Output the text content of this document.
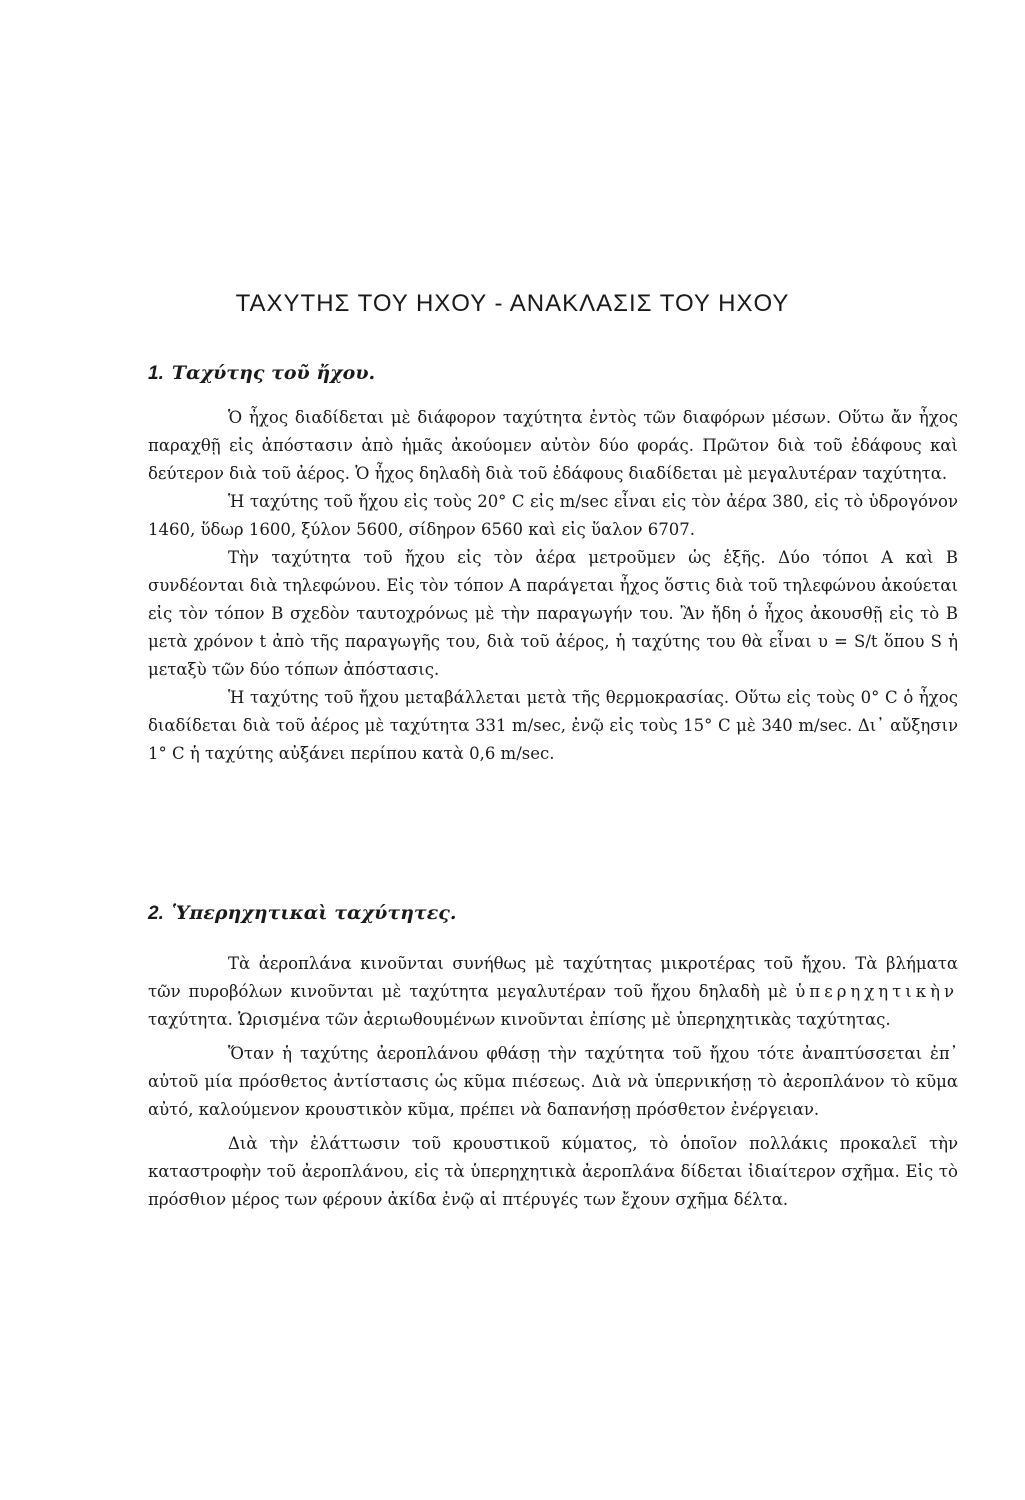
ΤΑΧΥΤΗΣ ΤΟΥ ΗΧΟΥ - ΑΝΑΚΛΑΣΙΣ ΤΟΥ ΗΧΟΥ
1. Ταχύτης τοῦ ἤχου.

Ὁ ἦχος διαδίδεται μὲ διάφορον ταχύτητα ἐντὸς τῶν διαφόρων μέσων. Οὕτω ἄν ἦχος παραχθῇ εἰς ἀπόστασιν ἀπὸ ἡμᾶς ἀκούομεν αὐτὸν δύο φοράς. Πρῶτον διὰ τοῦ ἐδάφους καὶ δεύτερον διὰ τοῦ ἀέρος. Ὁ ἦχος δηλαδὴ διὰ τοῦ ἐδάφους διαδίδεται μὲ μεγαλυτέραν ταχύτητα.

Ἡ ταχύτης τοῦ ἤχου εἰς τοὺς 20° C εἰς m/sec εἶναι εἰς τὸν ἀέρα 380, εἰς τὸ ὑδρογόνον 1460, ὕδωρ 1600, ξύλον 5600, σίδηρον 6560 καὶ εἰς ὕαλον 6707.

Τὴν ταχύτητα τοῦ ἤχου εἰς τὸν ἀέρα μετροῦμεν ὡς ἑξῆς. Δύο τόποι Α καὶ Β συνδέονται διὰ τηλεφώνου. Εἰς τὸν τόπον Α παράγεται ἦχος ὅστις διὰ τοῦ τηλεφώνου ἀκούεται εἰς τὸν τόπον Β σχεδὸν ταυτοχρόνως μὲ τὴν παραγωγήν του. Ἂν ἤδη ὁ ἦχος ἀκουσθῇ εἰς τὸ Β μετὰ χρόνον t ἀπὸ τῆς παραγωγῆς του, διὰ τοῦ ἀέρος, ἡ ταχύτης του θὰ εἶναι υ = S/t ὅπου S ἡ μεταξὺ τῶν δύο τόπων ἀπόστασις.

Ἡ ταχύτης τοῦ ἤχου μεταβάλλεται μετὰ τῆς θερμοκρασίας. Οὕτω εἰς τοὺς 0° C ὁ ἦχος διαδίδεται διὰ τοῦ ἀέρος μὲ ταχύτητα 331 m/sec, ἐνῷ εἰς τοὺς 15° C μὲ 340 m/sec. Δι᾽ αὔξησιν 1° C ἡ ταχύτης αὐξάνει περίπου κατὰ 0,6 m/sec.

2. Ὑπερηχητικαὶ ταχύτητες.

Τὰ ἀεροπλάνα κινοῦνται συνήθως μὲ ταχύτητας μικροτέρας τοῦ ἤχου. Τὰ βλήματα τῶν πυροβόλων κινοῦνται μὲ ταχύτητα μεγαλυτέραν τοῦ ἤχου δηλαδὴ μὲ ὑπερηχητικὴν ταχύτητα. Ὡρισμένα τῶν ἀεριωθουμένων κινοῦνται ἐπίσης μὲ ὑπερηχητικὰς ταχύτητας.

Ὅταν ἡ ταχύτης ἀεροπλάνου φθάσῃ τὴν ταχύτητα τοῦ ἤχου τότε ἀναπτύσσεται ἐπ᾽ αὐτοῦ μία πρόσθετος ἀντίστασις ὡς κῦμα πιέσεως. Διὰ νὰ ὑπερνικήσῃ τὸ ἀεροπλάνον τὸ κῦμα αὐτό, καλούμενον κρουστικὸν κῦμα, πρέπει νὰ δαπανήσῃ πρόσθετον ἐνέργειαν.

Διὰ τὴν ἐλάττωσιν τοῦ κρουστικοῦ κύματος, τὸ ὁποῖον πολλάκις προκαλεῖ τὴν καταστροφὴν τοῦ ἀεροπλάνου, εἰς τὰ ὑπερηχητικὰ ἀεροπλάνα δίδεται ἰδιαίτερον σχῆμα. Εἰς τὸ πρόσθιον μέρος των φέρουν ἀκίδα ἐνῷ αἱ πτέρυγές των ἔχουν σχῆμα δέλτα.
